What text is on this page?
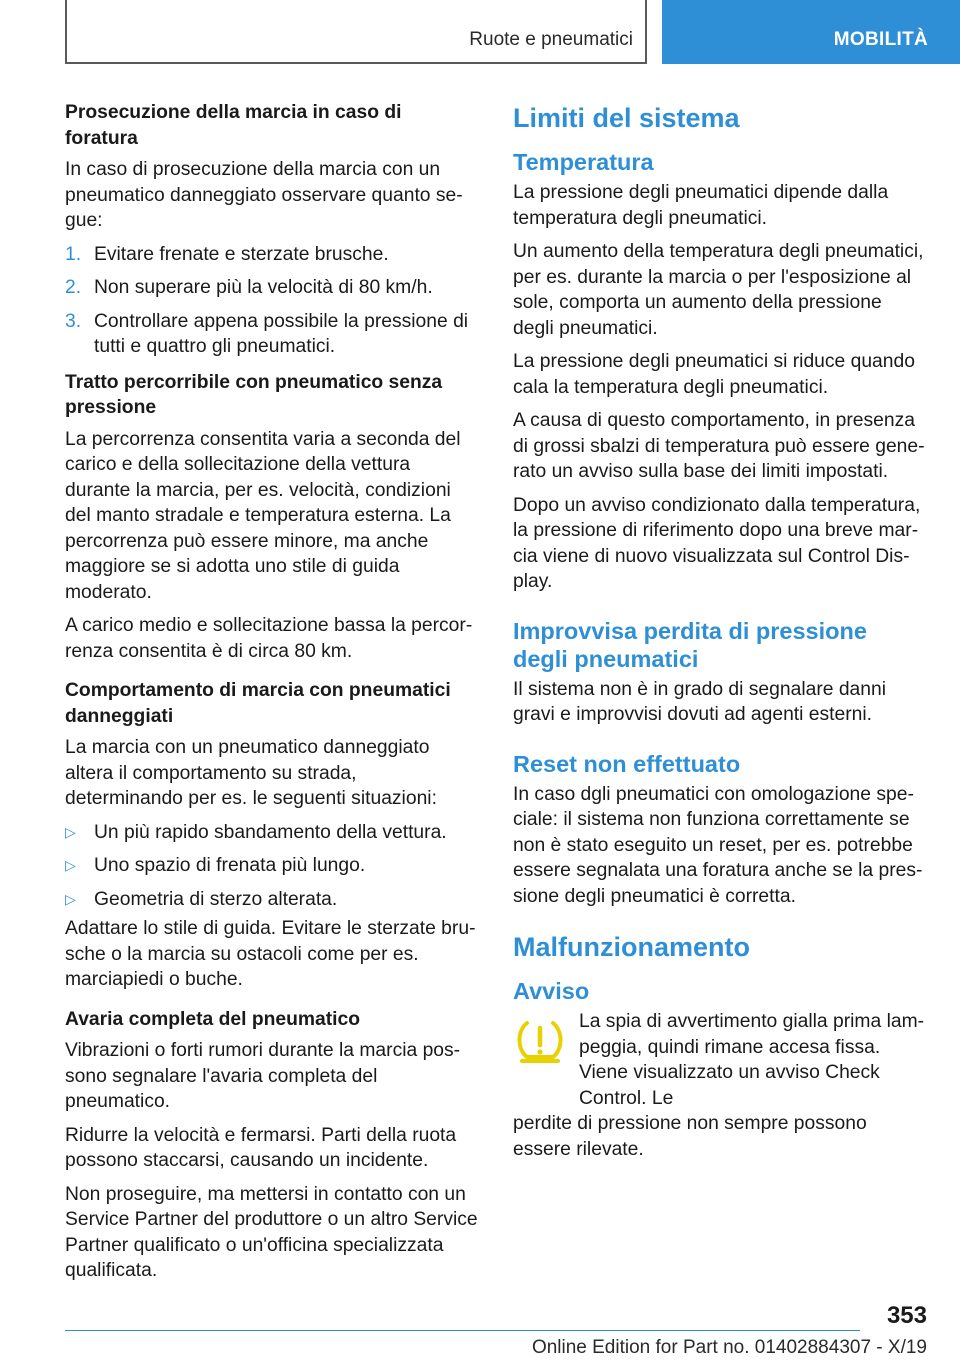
Ruote e pneumatici	MOBILITÀ
Prosecuzione della marcia in caso di foratura

In caso di prosecuzione della marcia con un pneumatico danneggiato osservare quanto segue:

1. Evitare frenate e sterzate brusche.
2. Non superare più la velocità di 80 km/h.
3. Controllare appena possibile la pressione di tutti e quattro gli pneumatici.
Tratto percorribile con pneumatico senza pressione

La percorrenza consentita varia a seconda del carico e della sollecitazione della vettura durante la marcia, per es. velocità, condizioni del manto stradale e temperatura esterna. La percorrenza può essere minore, ma anche maggiore se si adotta uno stile di guida moderato.

A carico medio e sollecitazione bassa la percorrenza consentita è di circa 80 km.

Comportamento di marcia con pneumatici danneggiati

La marcia con un pneumatico danneggiato altera il comportamento su strada, determinando per es. le seguenti situazioni:

▷ Un più rapido sbandamento della vettura.
▷ Uno spazio di frenata più lungo.
▷ Geometria di sterzo alterata.

Adattare lo stile di guida. Evitare le sterzate brusche o la marcia su ostacoli come per es. marciapiedi o buche.

Avaria completa del pneumatico

Vibrazioni o forti rumori durante la marcia possono segnalare l'avaria completa del pneumatico.

Ridurre la velocità e fermarsi. Parti della ruota possono staccarsi, causando un incidente.

Non proseguire, ma mettersi in contatto con un Service Partner del produttore o un altro Service Partner qualificato o un'officina specializzata qualificata.

Limiti del sistema
Temperatura

La pressione degli pneumatici dipende dalla temperatura degli pneumatici.

Un aumento della temperatura degli pneumatici, per es. durante la marcia o per l'esposizione al sole, comporta un aumento della pressione degli pneumatici.

La pressione degli pneumatici si riduce quando cala la temperatura degli pneumatici.

A causa di questo comportamento, in presenza di grossi sbalzi di temperatura può essere generato un avviso sulla base dei limiti impostati.

Dopo un avviso condizionato dalla temperatura, la pressione di riferimento dopo una breve marcia viene di nuovo visualizzata sul Control Display.

Improvvisa perdita di pressione degli pneumatici

Il sistema non è in grado di segnalare danni gravi e improvvisi dovuti ad agenti esterni.

Reset non effettuato

In caso dgli pneumatici con omologazione speciale: il sistema non funziona correttamente se non è stato eseguito un reset, per es. potrebbe essere segnalata una foratura anche se la pressione degli pneumatici è corretta.

Malfunzionamento
Avviso
La spia di avvertimento gialla prima lampeggia, quindi rimane accesa fissa. Viene visualizzato un avviso Check Control. Le

perdite di pressione non sempre possono essere rilevate.

353
Online Edition for Part no. 01402884307 - X/19
